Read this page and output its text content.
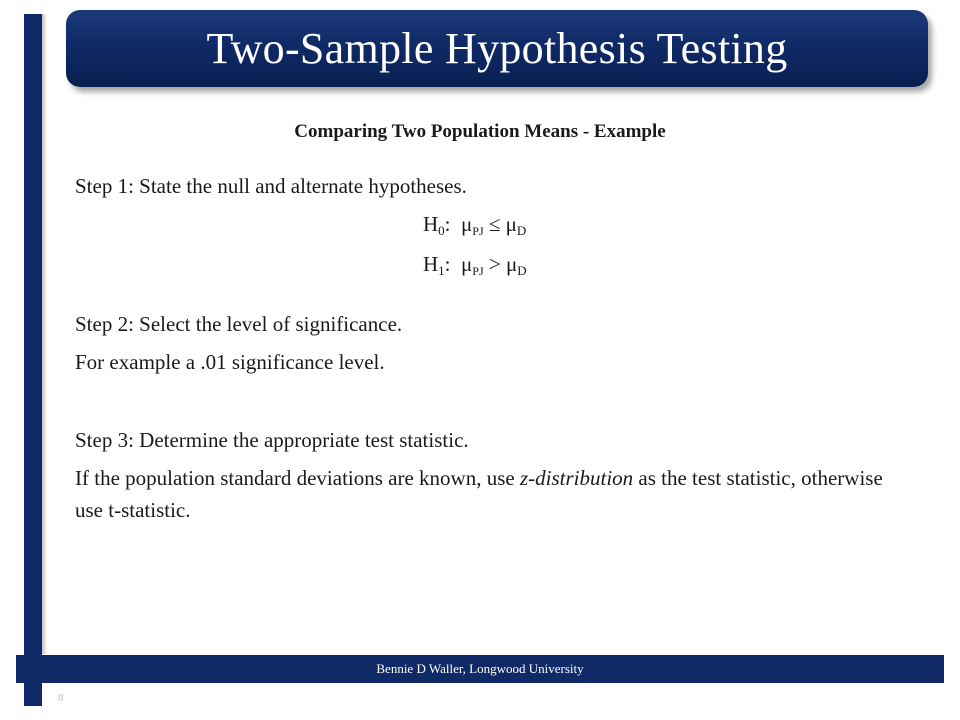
Two-Sample Hypothesis Testing
Comparing Two Population Means - Example
Step 1: State the null and alternate hypotheses.
$H_0$:  $\mu_{PJ} \le \mu_D$
$H_1$:  $\mu_{PJ} > \mu_D$
Step 2: Select the level of significance.
For example a .01 significance level.
Step 3: Determine the appropriate test statistic.
If the population standard deviations are known, use z-distribution as the test statistic, otherwise use t-statistic.
Bennie D Waller, Longwood University
8
